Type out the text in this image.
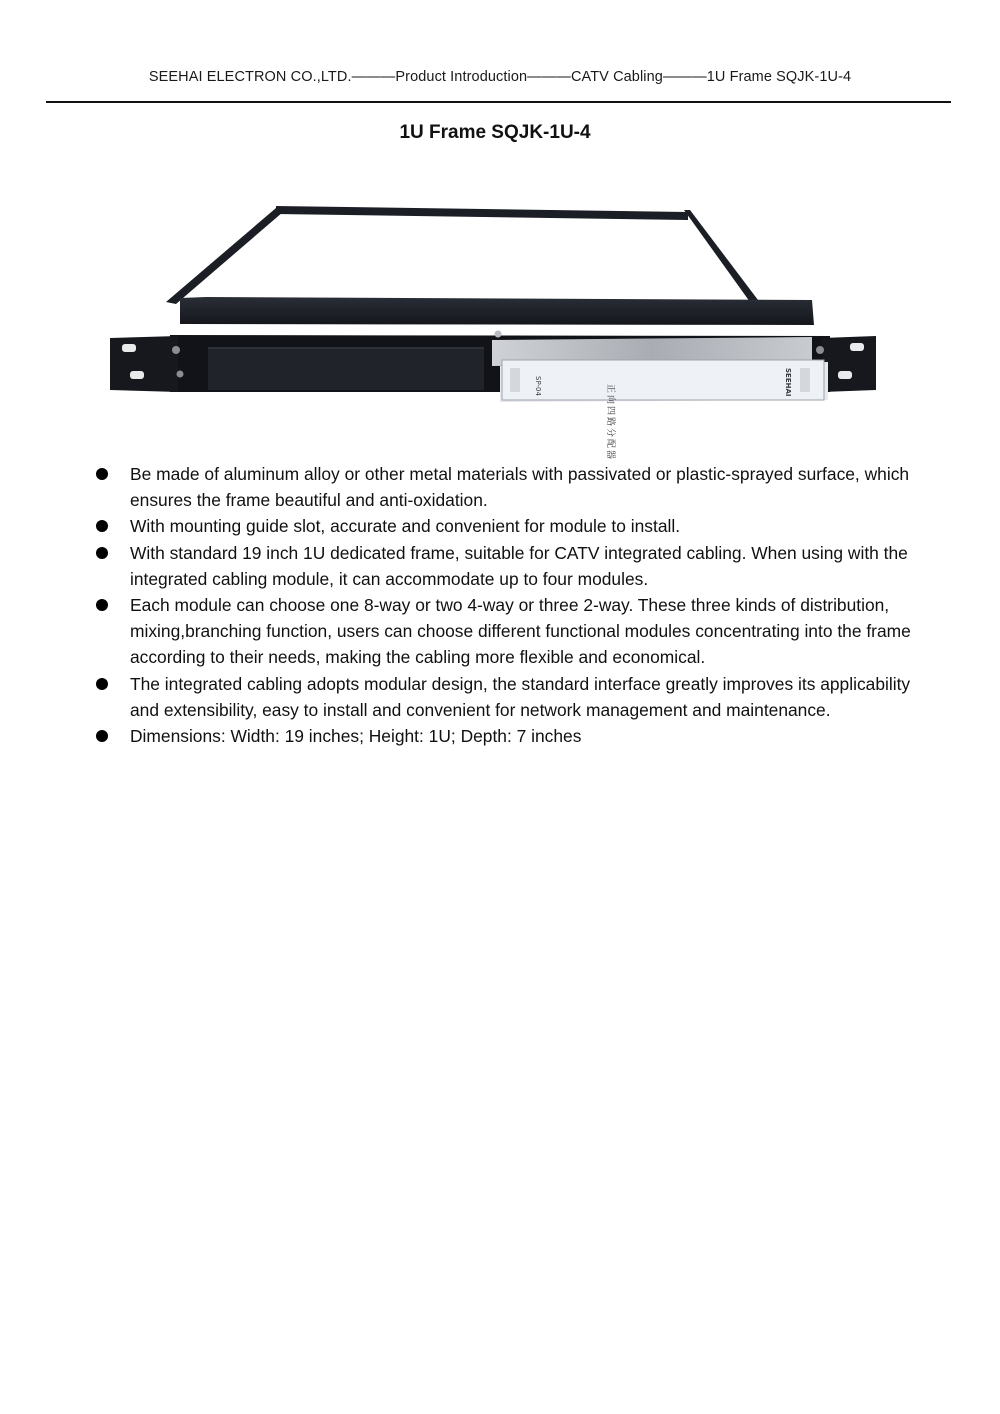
SEEHAI ELECTRON CO.,LTD.———Product Introduction———CATV Cabling———1U Frame SQJK-1U-4
1U Frame SQJK-1U-4
SP-04	正向四路分配器
SEEHAI
Be made of aluminum alloy or other metal materials with passivated or plastic-sprayed surface, which ensures the frame beautiful and anti-oxidation.
With mounting guide slot, accurate and convenient for module to install.
With standard 19 inch 1U dedicated frame, suitable for CATV integrated cabling. When using with the integrated cabling module, it can accommodate up to four modules.
Each module can choose one 8-way or two 4-way or three 2-way. These three kinds of distribution, mixing,branching function, users can choose different functional modules concentrating into the frame according to their needs, making the cabling more flexible and economical.
The integrated cabling adopts modular design, the standard interface greatly improves its applicability and extensibility, easy to install and convenient for network management and maintenance.
Dimensions: Width: 19 inches; Height: 1U; Depth: 7 inches
